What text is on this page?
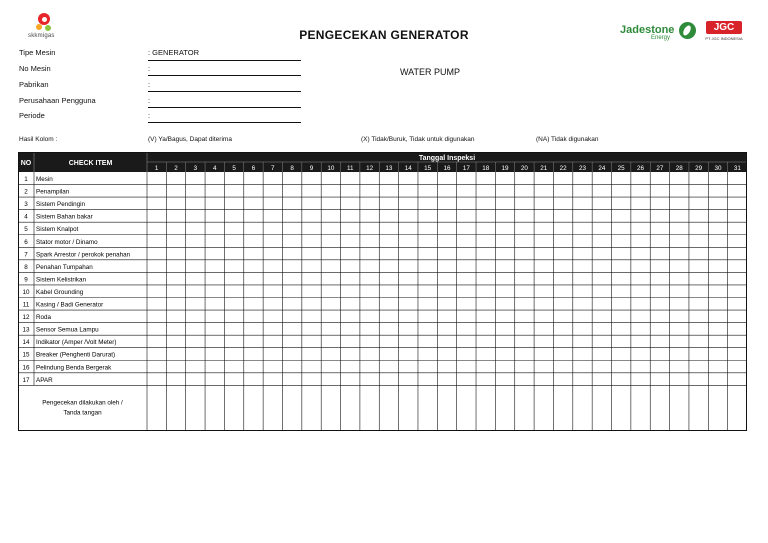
skkmigas	PENGECEKAN GENERATOR	Jadestone
Energy
JGC
PT JGC INDONESIA
Tipe Mesin	: GENERATOR
No Mesin	:
Pabrikan	:
Perusahaan Pengguna	:
Periode	:
WATER PUMP
Hasil Kolom :	(V) Ya/Bagus, Dapat diterima	(X) Tidak/Buruk, Tidak untuk digunakan	(NA) Tidak digunakan
NO	CHECK ITEM
Tanggal Inspeksi
1	2	3	4	5	6	7	8	9 10 11 12 13 14 15 16 17 18 19 20 21 22 23 24 25 26 27 28 29 30 31
1 Mesin
2 Penampilan
3 Sistem Pendingin
4 Sistem Bahan bakar
5 Sistem Knalpot
6 Stator motor / Dinamo
7 Spark Arrestor / perokok penahan
8 Penahan Tumpahan
9 Sistem Kelistrikan
10 Kabel Grounding
11 Kasing / Badi Generator
12 Roda
13 Sensor Semua Lampu
14 Indikator (Amper /Volt Meter)
15 Breaker (Penghenti Darurat)
16 Pelindung Benda Bergerak
17 APAR
Pengecekan dilakukan oleh /
Tanda tangan
